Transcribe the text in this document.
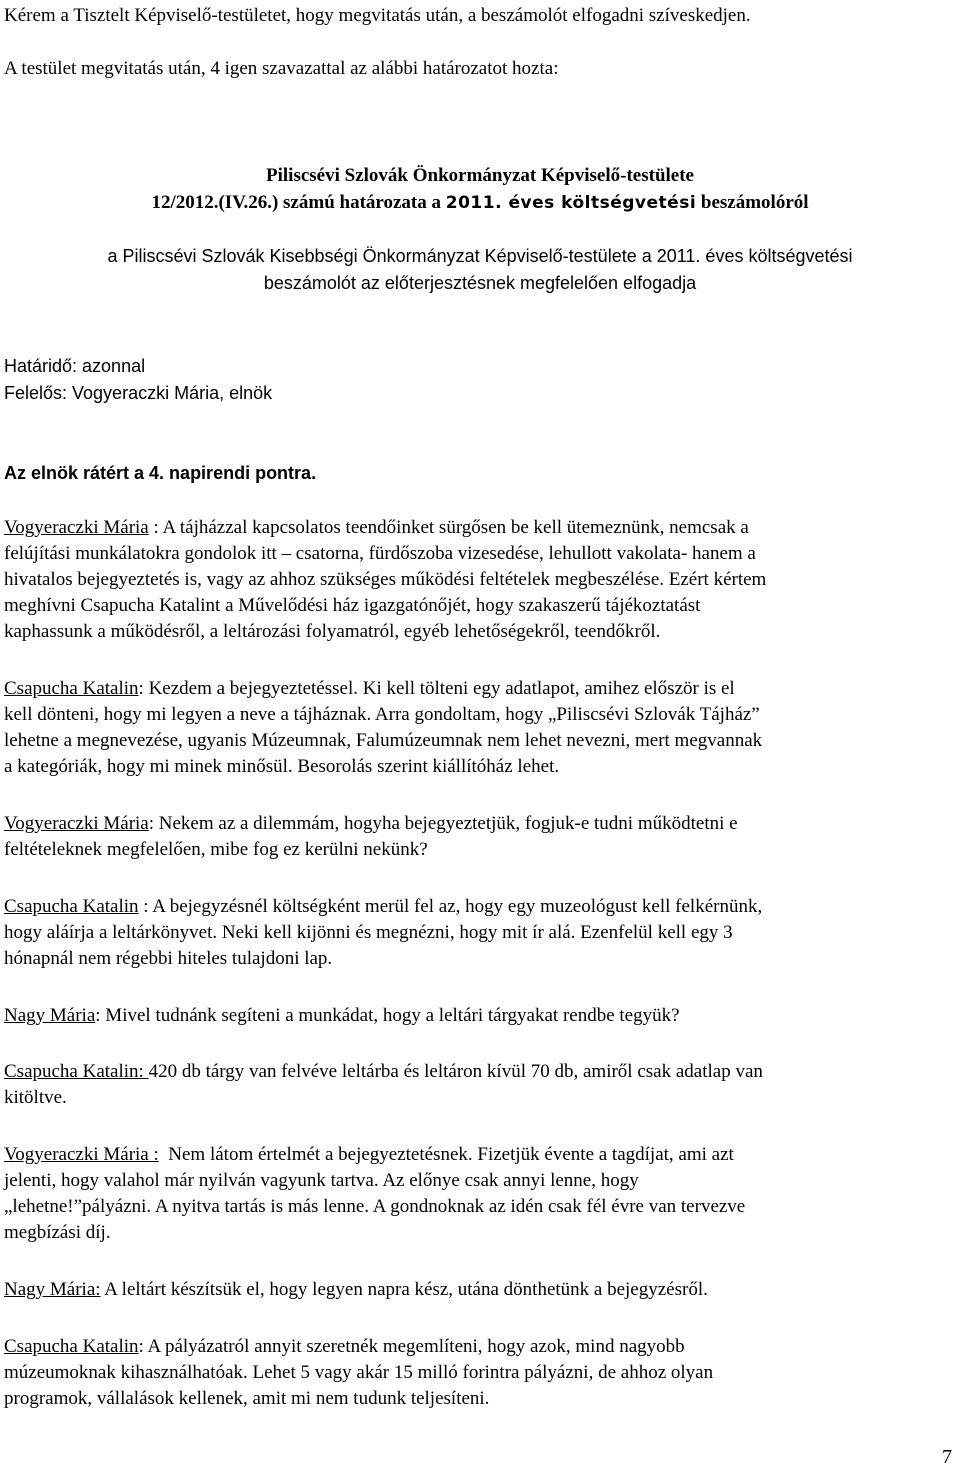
Kérem a Tisztelt Képviselő-testületet, hogy megvitatás után, a beszámolót elfogadni szíveskedjen.
A testület megvitatás után, 4 igen szavazattal az alábbi határozatot hozta:
Piliscsévi Szlovák Önkormányzat Képviselő-testülete
12/2012.(IV.26.) számú határozata a 2011. éves költségvetési beszámolóról
a Piliscsévi Szlovák Kisebbségi Önkormányzat Képviselő-testülete a 2011. éves költségvetési
beszámolót az előterjesztésnek megfelelően elfogadja
Határidő: azonnal
Felelős: Vogyeraczki Mária, elnök
Az elnök rátért a 4. napirendi pontra.
Vogyeraczki Mária : A tájházzal kapcsolatos teendőinket sürgősen be kell ütemeznünk, nemcsak a
felújítási munkálatokra gondolok itt – csatorna, fürdőszoba vizesedése, lehullott vakolata- hanem a
hivatalos bejegyeztetés is, vagy az ahhoz szükséges működési feltételek megbeszélése. Ezért kértem
meghívni Csapucha Katalint a Művelődési ház igazgatónőjét, hogy szakaszerű tájékoztatást
kaphassunk a működésről, a leltározási folyamatról, egyéb lehetőségekről, teendőkről.
Csapucha Katalin: Kezdem a bejegyeztetéssel. Ki kell tölteni egy adatlapot, amihez először is el
kell dönteni, hogy mi legyen a neve a tájháznak. Arra gondoltam, hogy „Piliscsévi Szlovák Tájház”
lehetne a megnevezése, ugyanis Múzeumnak, Falumúzeumnak nem lehet nevezni, mert megvannak
a kategóriák, hogy mi minek minősül. Besorolás szerint kiállítóház lehet.
Vogyeraczki Mária: Nekem az a dilemmám, hogyha bejegyeztetjük, fogjuk-e tudni működtetni e
feltételeknek megfelelően, mibe fog ez kerülni nekünk?
Csapucha Katalin : A bejegyzésnél költségként merül fel az, hogy egy muzeológust kell felkérnünk,
hogy aláírja a leltárkönyvet. Neki kell kijönni és megnézni, hogy mit ír alá. Ezenfelül kell egy 3
hónapnál nem régebbi hiteles tulajdoni lap.
Nagy Mária: Mivel tudnánk segíteni a munkádat, hogy a leltári tárgyakat rendbe tegyük?
Csapucha Katalin: 420 db tárgy van felvéve leltárba és leltáron kívül 70 db, amiről csak adatlap van
kitöltve.
Vogyeraczki Mária :  Nem látom értelmét a bejegyeztetésnek. Fizetjük évente a tagdíjat, ami azt
jelenti, hogy valahol már nyilván vagyunk tartva. Az előnye csak annyi lenne, hogy
„lehetne!”pályázni. A nyitva tartás is más lenne. A gondnoknak az idén csak fél évre van tervezve
megbízási díj.
Nagy Mária: A leltárt készítsük el, hogy legyen napra kész, utána dönthetünk a bejegyzésről.
Csapucha Katalin: A pályázatról annyit szeretnék megemlíteni, hogy azok, mind nagyobb
múzeumoknak kihasználhatóak. Lehet 5 vagy akár 15 milló forintra pályázni, de ahhoz olyan
programok, vállalások kellenek, amit mi nem tudunk teljesíteni.
7
